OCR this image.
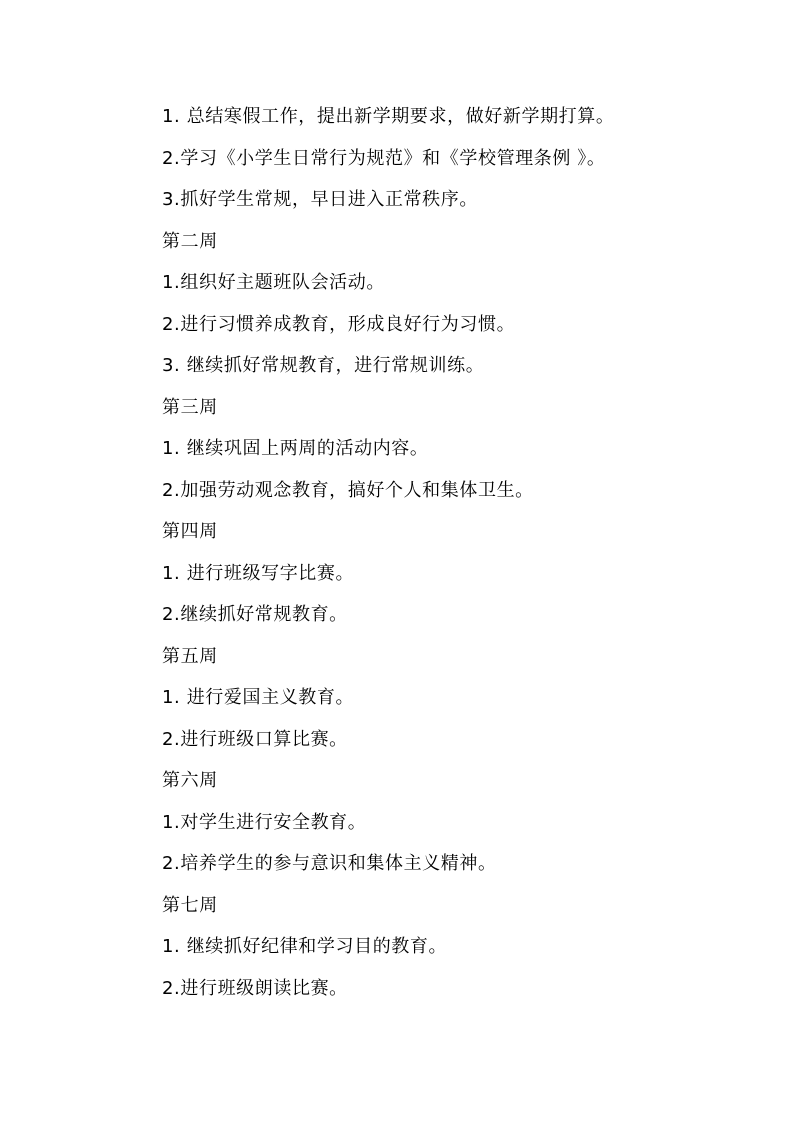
1. 总结寒假工作，提出新学期要求，做好新学期打算。
2.学习《小学生日常行为规范》和《学校管理条例 》。
3.抓好学生常规，早日进入正常秩序。
第二周
1.组织好主题班队会活动。
2.进行习惯养成教育，形成良好行为习惯。
3. 继续抓好常规教育，进行常规训练。
第三周
1. 继续巩固上两周的活动内容。
2.加强劳动观念教育，搞好个人和集体卫生。
第四周
1. 进行班级写字比赛。
2.继续抓好常规教育。
第五周
1. 进行爱国主义教育。
2.进行班级口算比赛。
第六周
1.对学生进行安全教育。
2.培养学生的参与意识和集体主义精神。
第七周
1. 继续抓好纪律和学习目的教育。
2.进行班级朗读比赛。
